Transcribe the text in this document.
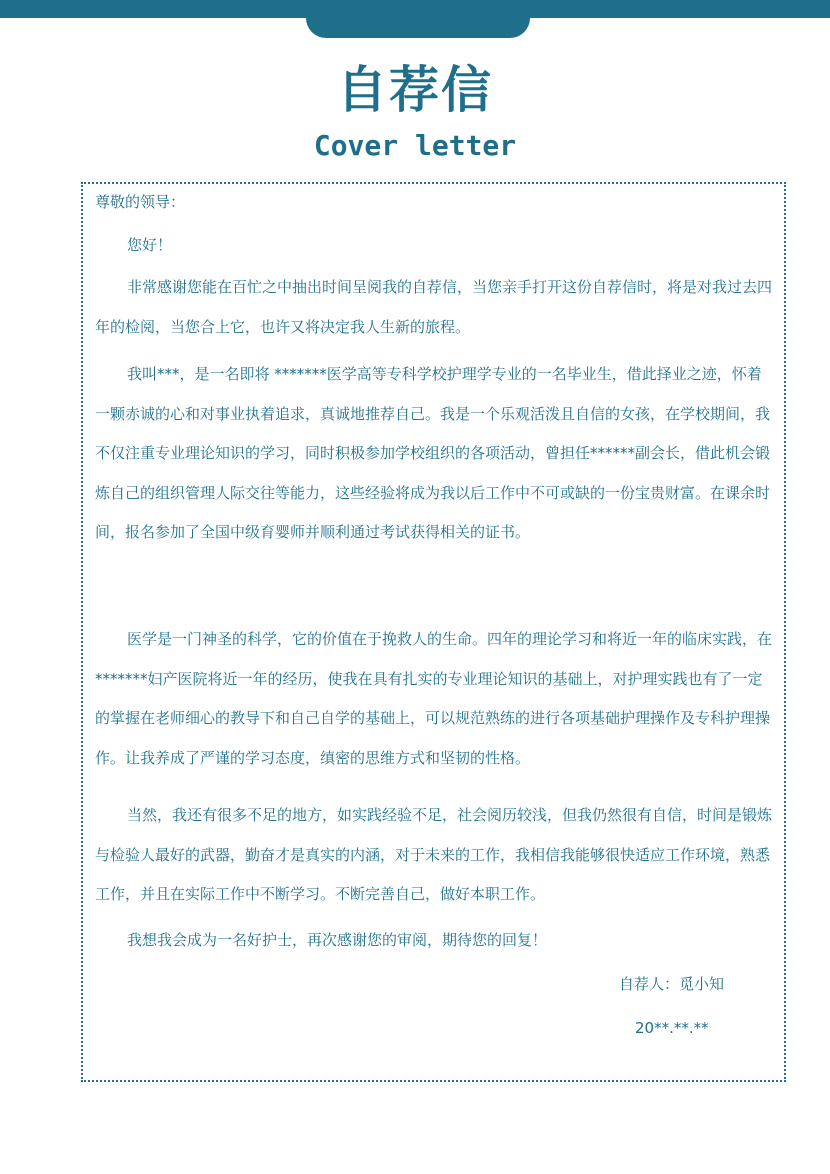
自荐信
Cover letter

尊敬的领导：

您好！

非常感谢您能在百忙之中抽出时间呈阅我的自荐信，当您亲手打开这份自荐信时，将是对我过去四年的检阅，当您合上它，也许又将决定我人生新的旅程。

我叫***，是一名即将 *******医学高等专科学校护理学专业的一名毕业生，借此择业之迹，怀着一颗赤诚的心和对事业执着追求，真诚地推荐自己。我是一个乐观活泼且自信的女孩，在学校期间，我不仅注重专业理论知识的学习，同时积极参加学校组织的各项活动，曾担任******副会长，借此机会锻炼自己的组织管理人际交往等能力，这些经验将成为我以后工作中不可或缺的一份宝贵财富。在课余时间，报名参加了全国中级育婴师并顺利通过考试获得相关的证书。

医学是一门神圣的科学，它的价值在于挽救人的生命。四年的理论学习和将近一年的临床实践，在*******妇产医院将近一年的经历，使我在具有扎实的专业理论知识的基础上，对护理实践也有了一定的掌握在老师细心的教导下和自己自学的基础上，可以规范熟练的进行各项基础护理操作及专科护理操作。让我养成了严谨的学习态度，缜密的思维方式和坚韧的性格。

当然，我还有很多不足的地方，如实践经验不足，社会阅历较浅，但我仍然很有自信，时间是锻炼与检验人最好的武器，勤奋才是真实的内涵，对于未来的工作，我相信我能够很快适应工作环境，熟悉工作，并且在实际工作中不断学习。不断完善自己，做好本职工作。

我想我会成为一名好护士，再次感谢您的审阅，期待您的回复！

自荐人：觅小知
20**.**.**
